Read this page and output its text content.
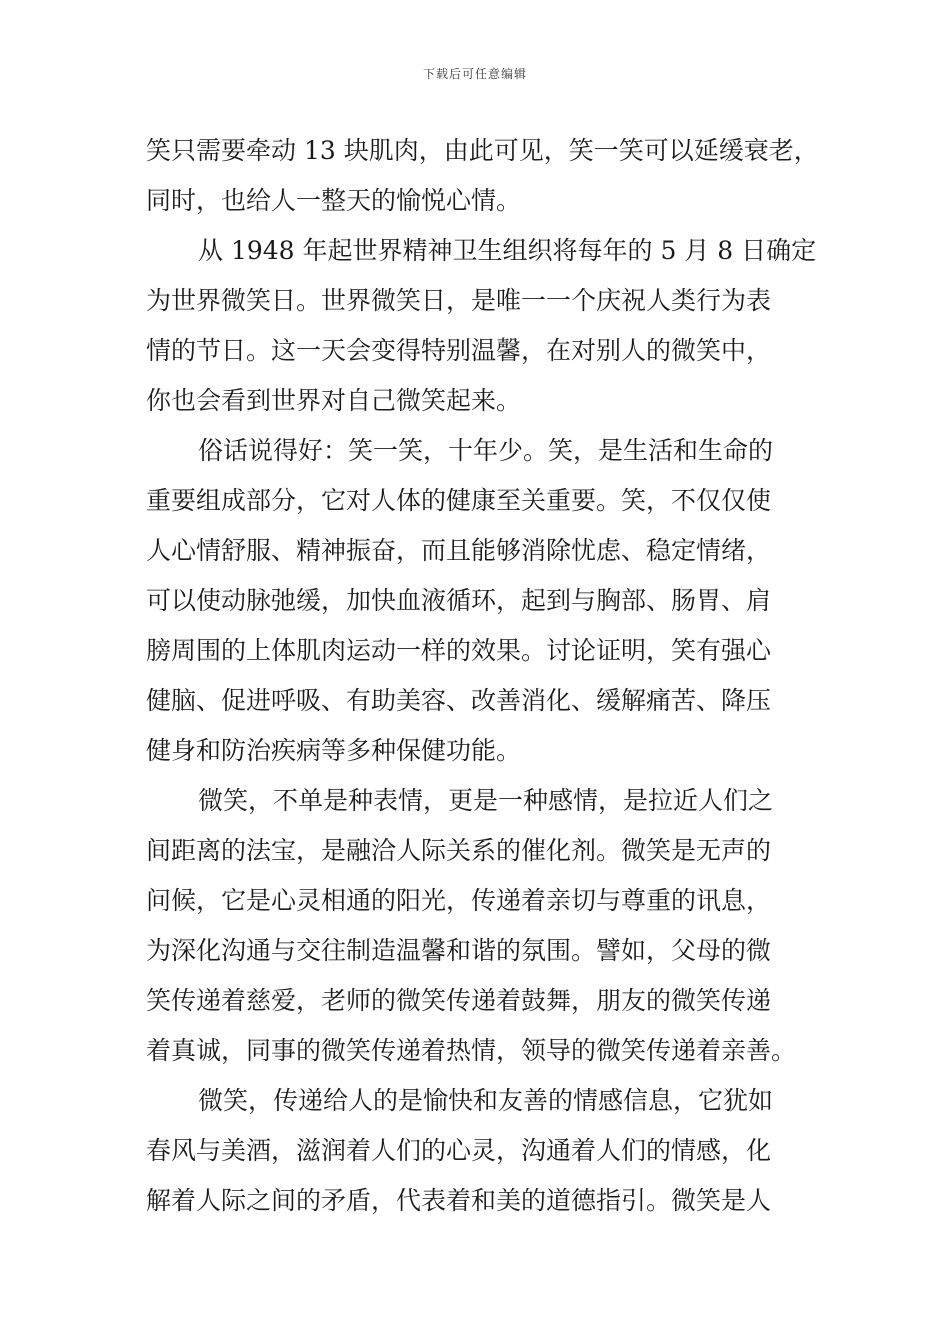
下载后可任意编辑
笑只需要牵动 13 块肌肉，由此可见，笑一笑可以延缓衰老，
同时，也给人一整天的愉悦心情。
从 1948 年起世界精神卫生组织将每年的 5 月 8 日确定
为世界微笑日。世界微笑日，是唯一一个庆祝人类行为表
情的节日。这一天会变得特别温馨，在对别人的微笑中，
你也会看到世界对自己微笑起来。
俗话说得好：笑一笑，十年少。笑，是生活和生命的
重要组成部分，它对人体的健康至关重要。笑，不仅仅使
人心情舒服、精神振奋，而且能够消除忧虑、稳定情绪，
可以使动脉弛缓，加快血液循环，起到与胸部、肠胃、肩
膀周围的上体肌肉运动一样的效果。讨论证明，笑有强心
健脑、促进呼吸、有助美容、改善消化、缓解痛苦、降压
健身和防治疾病等多种保健功能。
微笑，不单是种表情，更是一种感情，是拉近人们之
间距离的法宝，是融洽人际关系的催化剂。微笑是无声的
问候，它是心灵相通的阳光，传递着亲切与尊重的讯息，
为深化沟通与交往制造温馨和谐的氛围。譬如，父母的微
笑传递着慈爱，老师的微笑传递着鼓舞，朋友的微笑传递
着真诚，同事的微笑传递着热情，领导的微笑传递着亲善。
微笑，传递给人的是愉快和友善的情感信息，它犹如
春风与美酒，滋润着人们的心灵，沟通着人们的情感，化
解着人际之间的矛盾，代表着和美的道德指引。微笑是人
